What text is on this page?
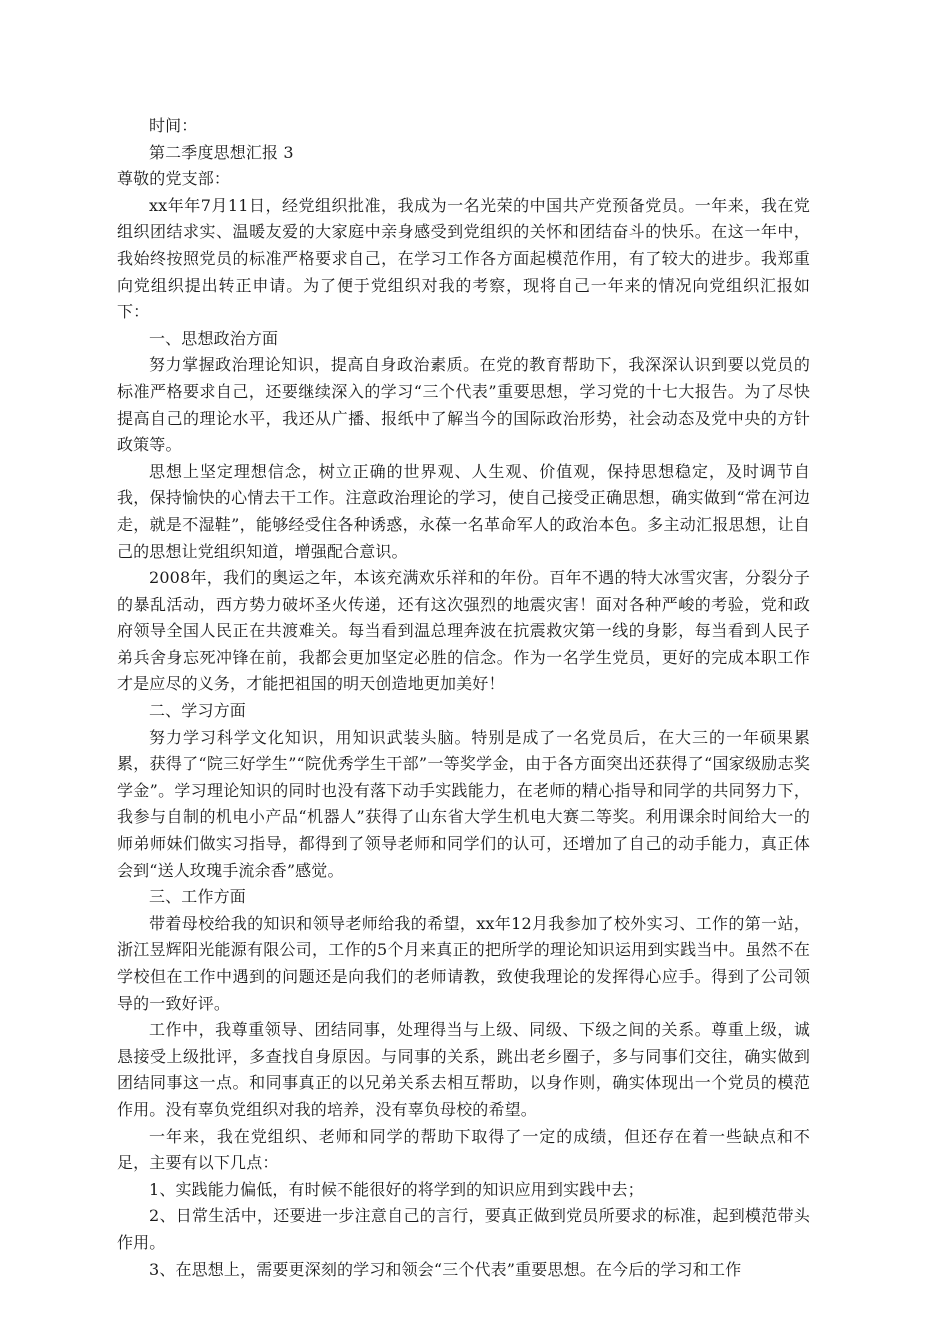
时间：

第二季度思想汇报 3

尊敬的党支部：

xx年年7月11日，经党组织批准，我成为一名光荣的中国共产党预备党员。一年来，我在党组织团结求实、温暖友爱的大家庭中亲身感受到党组织的关怀和团结奋斗的快乐。在这一年中，我始终按照党员的标准严格要求自己，在学习工作各方面起模范作用，有了较大的进步。我郑重向党组织提出转正申请。为了便于党组织对我的考察，现将自己一年来的情况向党组织汇报如下：

一、思想政治方面

努力掌握政治理论知识，提高自身政治素质。在党的教育帮助下，我深深认识到要以党员的标准严格要求自己，还要继续深入的学习“三个代表”重要思想，学习党的十七大报告。为了尽快提高自己的理论水平，我还从广播、报纸中了解当今的国际政治形势，社会动态及党中央的方针政策等。

思想上坚定理想信念，树立正确的世界观、人生观、价值观，保持思想稳定，及时调节自我，保持愉快的心情去干工作。注意政治理论的学习，使自己接受正确思想，确实做到“常在河边走，就是不湿鞋”，能够经受住各种诱惑，永葆一名革命军人的政治本色。多主动汇报思想，让自己的思想让党组织知道，增强配合意识。

2008年，我们的奥运之年，本该充满欢乐祥和的年份。百年不遇的特大冰雪灾害，分裂分子的暴乱活动，西方势力破坏圣火传递，还有这次强烈的地震灾害！面对各种严峻的考验，党和政府领导全国人民正在共渡难关。每当看到温总理奔波在抗震救灾第一线的身影，每当看到人民子弟兵舍身忘死冲锋在前，我都会更加坚定必胜的信念。作为一名学生党员，更好的完成本职工作才是应尽的义务，才能把祖国的明天创造地更加美好！

二、学习方面

努力学习科学文化知识，用知识武装头脑。特别是成了一名党员后，在大三的一年硕果累累，获得了“院三好学生”“院优秀学生干部”一等奖学金，由于各方面突出还获得了“国家级励志奖学金”。学习理论知识的同时也没有落下动手实践能力，在老师的精心指导和同学的共同努力下，我参与自制的机电小产品“机器人”获得了山东省大学生机电大赛二等奖。利用课余时间给大一的师弟师妹们做实习指导，都得到了领导老师和同学们的认可，还增加了自己的动手能力，真正体会到“送人玫瑰手流余香”感觉。

三、工作方面

带着母校给我的知识和领导老师给我的希望，xx年12月我参加了校外实习、工作的第一站，浙江昱辉阳光能源有限公司，工作的5个月来真正的把所学的理论知识运用到实践当中。虽然不在学校但在工作中遇到的问题还是向我们的老师请教，致使我理论的发挥得心应手。得到了公司领导的一致好评。

工作中，我尊重领导、团结同事，处理得当与上级、同级、下级之间的关系。尊重上级，诚恳接受上级批评，多查找自身原因。与同事的关系，跳出老乡圈子，多与同事们交往，确实做到团结同事这一点。和同事真正的以兄弟关系去相互帮助，以身作则，确实体现出一个党员的模范作用。没有辜负党组织对我的培养，没有辜负母校的希望。

一年来，我在党组织、老师和同学的帮助下取得了一定的成绩，但还存在着一些缺点和不足，主要有以下几点：

1、实践能力偏低，有时候不能很好的将学到的知识应用到实践中去；

2、日常生活中，还要进一步注意自己的言行，要真正做到党员所要求的标准，起到模范带头作用。

3、在思想上，需要更深刻的学习和领会“三个代表”重要思想。在今后的学习和工作
